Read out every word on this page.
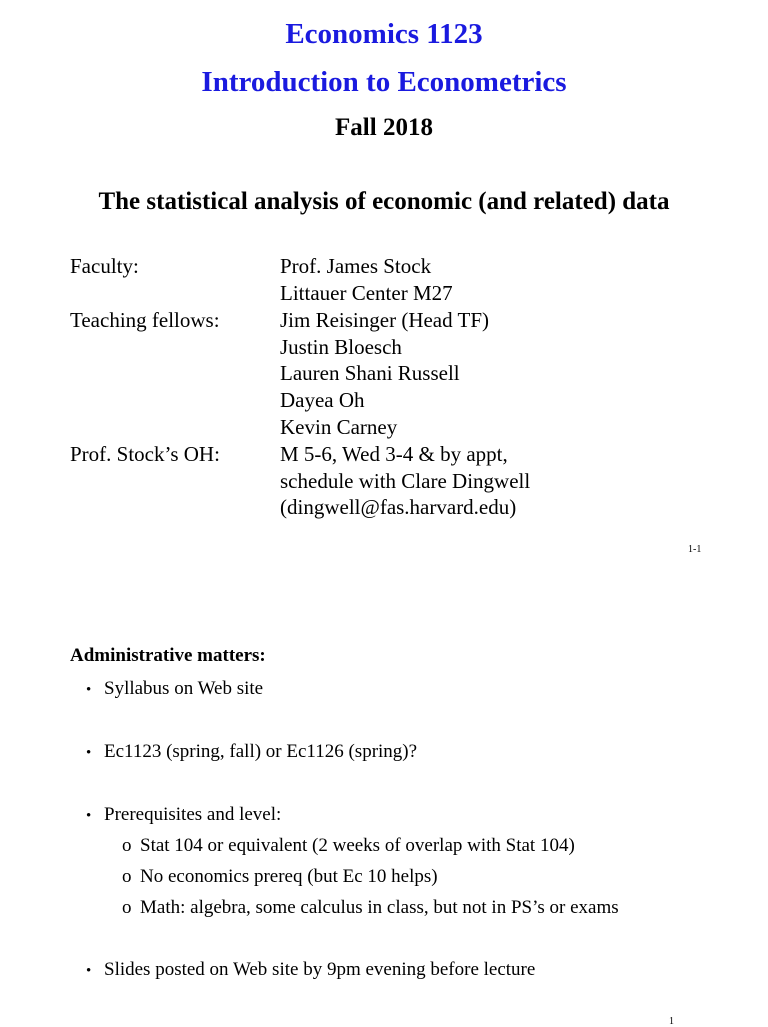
Economics 1123
Introduction to Econometrics
Fall 2018
The statistical analysis of economic (and related) data
Faculty:	Prof. James Stock
Littauer Center M27
Teaching fellows:	Jim Reisinger (Head TF)
Justin Bloesch
Lauren Shani Russell
Dayea Oh
Kevin Carney
Prof. Stock’s OH:	M 5-6, Wed 3-4 & by appt,
schedule with Clare Dingwell
(dingwell@fas.harvard.edu)
1-1
Administrative matters:
• Syllabus on Web site
• Ec1123 (spring, fall) or Ec1126 (spring)?
• Prerequisites and level:
o Stat 104 or equivalent (2 weeks of overlap with Stat 104)
o No economics prereq (but Ec 10 helps)
o Math: algebra, some calculus in class, but not in PS’s or exams
• Slides posted on Web site by 9pm evening before lecture
1
